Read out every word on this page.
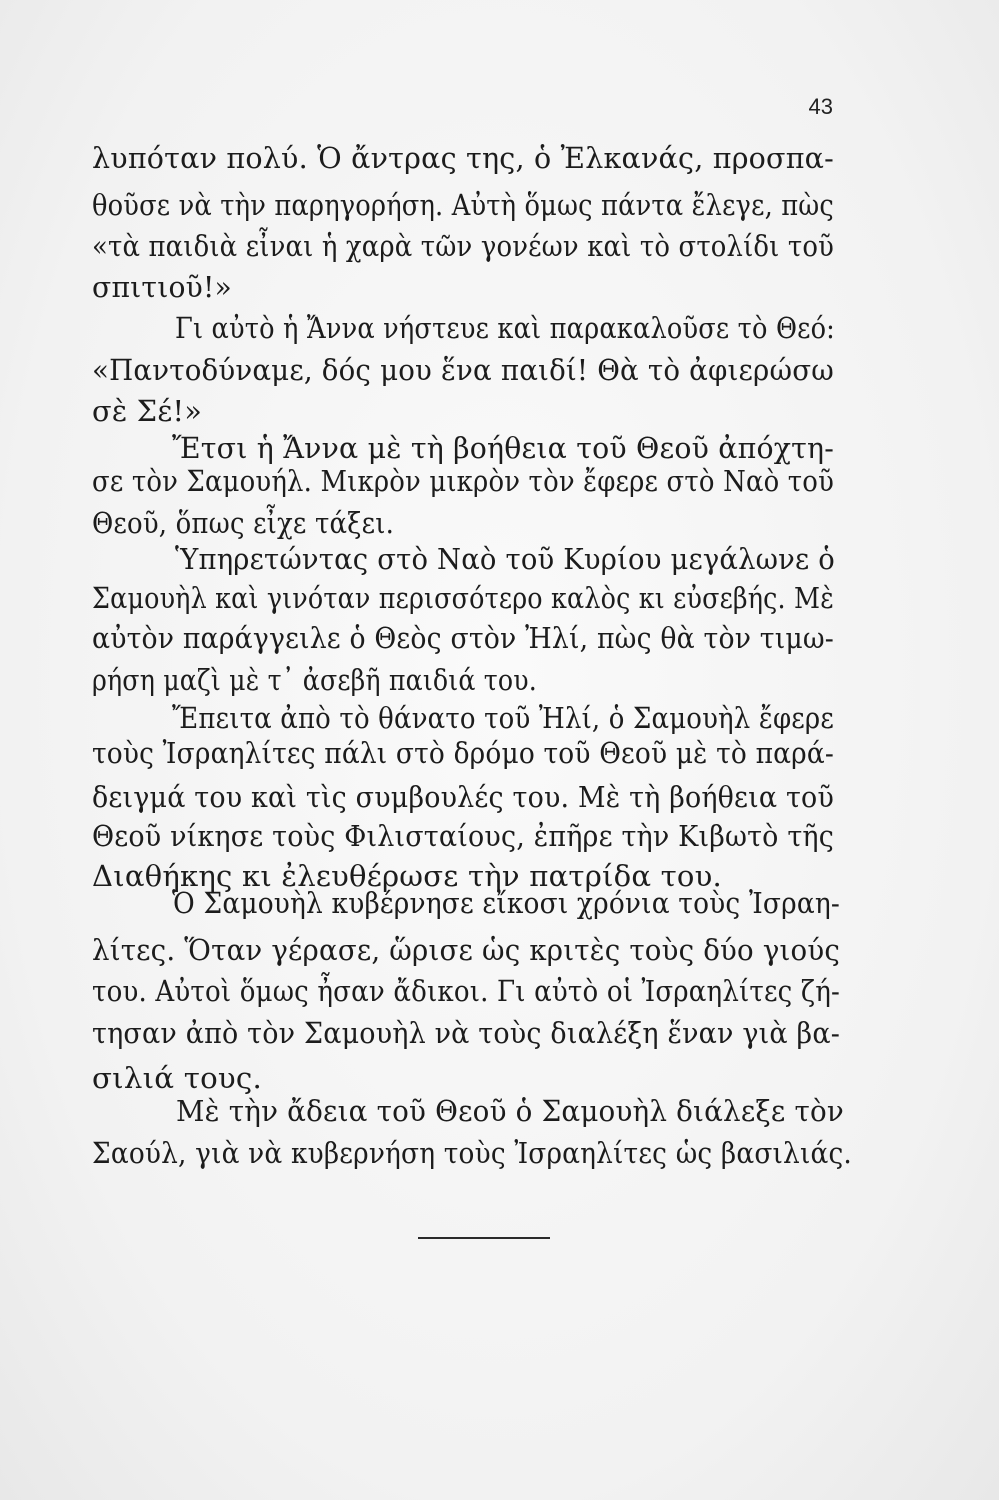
43
λυπόταν πολύ. Ὁ ἄντρας της, ὁ Ἐλκανάς, προσπα-
θοῦσε νὰ τὴν παρηγορήση. Αὐτὴ ὅμως πάντα ἔλεγε, πὼς
«τὰ παιδιὰ εἶναι ἡ χαρὰ τῶν γονέων καὶ τὸ στολίδι τοῦ
σπιτιοῦ!»
Γι αὐτὸ ἡ Ἄννα νήστευε καὶ παρακαλοῦσε τὸ Θεό:
«Παντοδύναμε, δός μου ἕνα παιδί! Θὰ τὸ ἀφιερώσω
σὲ Σέ!»
Ἔτσι ἡ Ἄννα μὲ τὴ βοήθεια τοῦ Θεοῦ ἀπόχτη-
σε τὸν Σαμουήλ. Μικρὸν μικρὸν τὸν ἔφερε στὸ Ναὸ τοῦ
Θεοῦ, ὅπως εἶχε τάξει.
Ὑπηρετώντας στὸ Ναὸ τοῦ Κυρίου μεγάλωνε ὁ
Σαμουὴλ καὶ γινόταν περισσότερο καλὸς κι εὐσεβής. Μὲ
αὐτὸν παράγγειλε ὁ Θεὸς στὸν Ἠλί, πὼς θὰ τὸν τιμω-
ρήση μαζὶ μὲ τ᾿ ἀσεβῆ παιδιά του.
Ἔπειτα ἀπὸ τὸ θάνατο τοῦ Ἠλί, ὁ Σαμουὴλ ἔφερε
τοὺς Ἰσραηλίτες πάλι στὸ δρόμο τοῦ Θεοῦ μὲ τὸ παρά-
δειγμά του καὶ τὶς συμβουλές του. Μὲ τὴ βοήθεια τοῦ
Θεοῦ νίκησε τοὺς Φιλισταίους, ἐπῆρε τὴν Κιβωτὸ τῆς
Διαθήκης κι ἐλευθέρωσε τὴν πατρίδα του.
Ὁ Σαμουὴλ κυβέρνησε εἴκοσι χρόνια τοὺς Ἰσραη-
λίτες. Ὅταν γέρασε, ὥρισε ὡς κριτὲς τοὺς δύο γιούς
του. Αὐτοὶ ὅμως ἦσαν ἄδικοι. Γι αὐτὸ οἱ Ἰσραηλίτες ζή-
τησαν ἀπὸ τὸν Σαμουὴλ νὰ τοὺς διαλέξη ἕναν γιὰ βα-
σιλιά τους.
Μὲ τὴν ἄδεια τοῦ Θεοῦ ὁ Σαμουὴλ διάλεξε τὸν
Σαούλ, γιὰ νὰ κυβερνήση τοὺς Ἰσραηλίτες ὡς βασιλιάς.
